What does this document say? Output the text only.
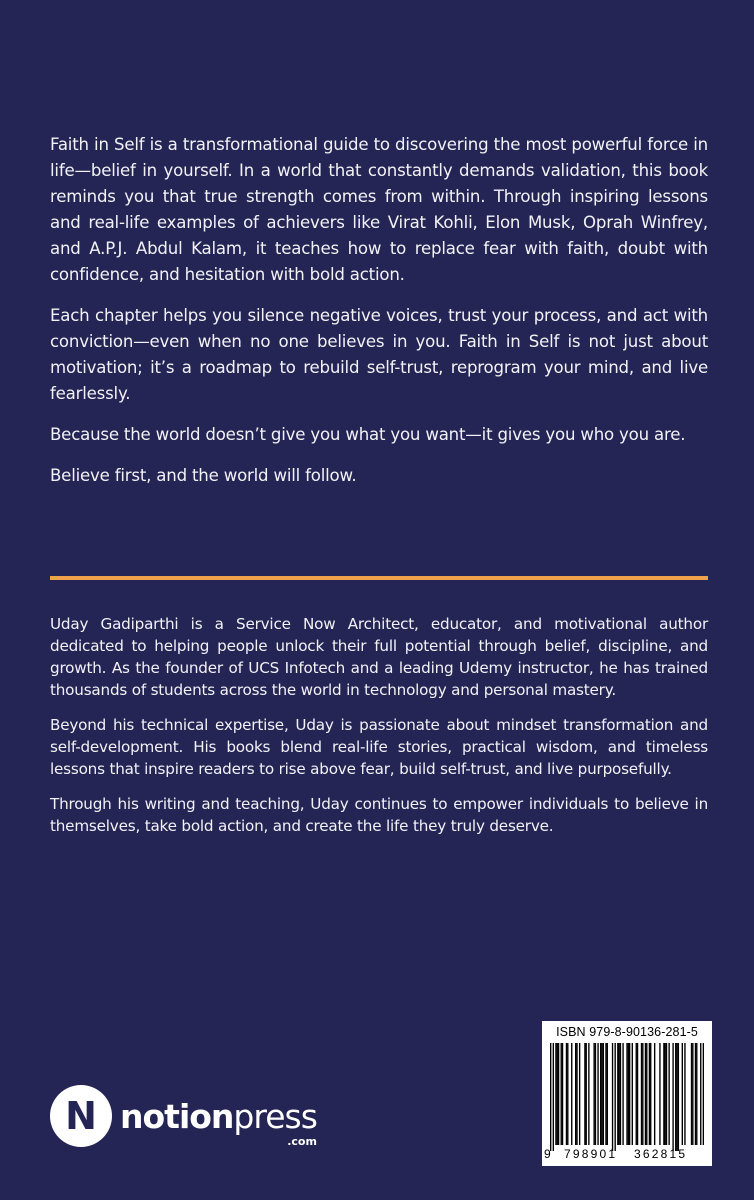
Faith in Self is a transformational guide to discovering the most powerful force in life—belief in yourself. In a world that constantly demands validation, this book reminds you that true strength comes from within. Through inspiring lessons and real-life examples of achievers like Virat Kohli, Elon Musk, Oprah Winfrey, and A.P.J. Abdul Kalam, it teaches how to replace fear with faith, doubt with confidence, and hesitation with bold action.

Each chapter helps you silence negative voices, trust your process, and act with conviction—even when no one believes in you. Faith in Self is not just about motivation; it’s a roadmap to rebuild self-trust, reprogram your mind, and live fearlessly.

Because the world doesn’t give you what you want—it gives you who you are.

Believe first, and the world will follow.

Uday Gadiparthi is a Service Now Architect, educator, and motivational author dedicated to helping people unlock their full potential through belief, discipline, and growth. As the founder of UCS Infotech and a leading Udemy instructor, he has trained thousands of students across the world in technology and personal mastery.

Beyond his technical expertise, Uday is passionate about mindset transformation and self-development. His books blend real-life stories, practical wisdom, and timeless lessons that inspire readers to rise above fear, build self-trust, and live purposefully.

Through his writing and teaching, Uday continues to empower individuals to believe in themselves, take bold action, and create the life they truly deserve.

N notionpress
.com
ISBN 979-8-90136-281-5
9 798901 362815
